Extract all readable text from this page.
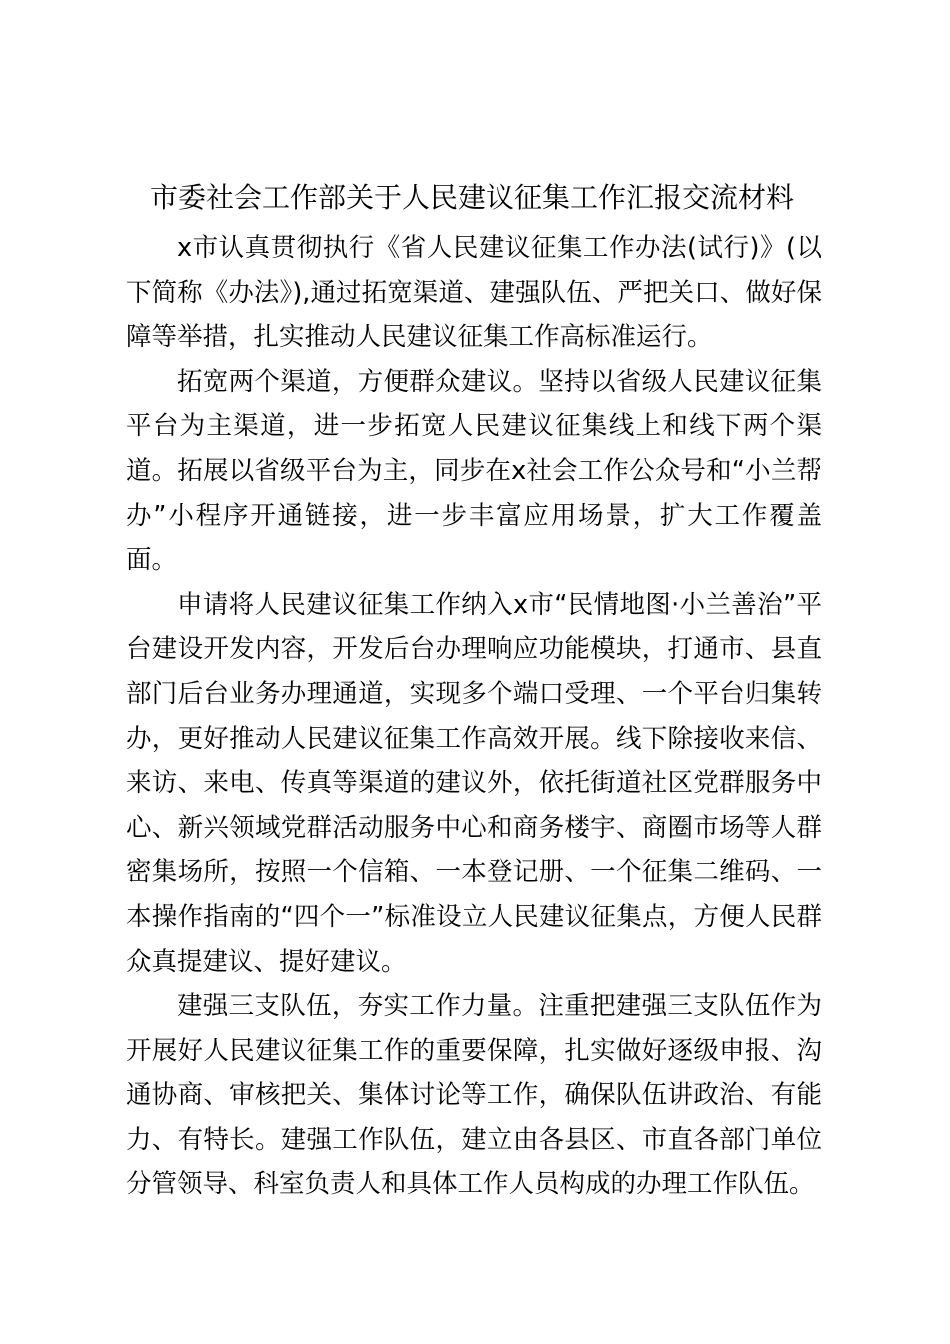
市委社会工作部关于人民建议征集工作汇报交流材料

x市认真贯彻执行《省人民建议征集工作办法(试行)》(以下简称《办法》),通过拓宽渠道、建强队伍、严把关口、做好保障等举措，扎实推动人民建议征集工作高标准运行。

拓宽两个渠道，方便群众建议。坚持以省级人民建议征集平台为主渠道，进一步拓宽人民建议征集线上和线下两个渠道。拓展以省级平台为主，同步在x社会工作公众号和“小兰帮办”小程序开通链接，进一步丰富应用场景，扩大工作覆盖面。

申请将人民建议征集工作纳入x市“民情地图·小兰善治”平台建设开发内容，开发后台办理响应功能模块，打通市、县直部门后台业务办理通道，实现多个端口受理、一个平台归集转办，更好推动人民建议征集工作高效开展。线下除接收来信、来访、来电、传真等渠道的建议外，依托街道社区党群服务中心、新兴领域党群活动服务中心和商务楼宇、商圈市场等人群密集场所，按照一个信箱、一本登记册、一个征集二维码、一本操作指南的“四个一”标准设立人民建议征集点，方便人民群众真提建议、提好建议。

建强三支队伍，夯实工作力量。注重把建强三支队伍作为开展好人民建议征集工作的重要保障，扎实做好逐级申报、沟通协商、审核把关、集体讨论等工作，确保队伍讲政治、有能力、有特长。建强工作队伍，建立由各县区、市直各部门单位分管领导、科室负责人和具体工作人员构成的办理工作队伍。
